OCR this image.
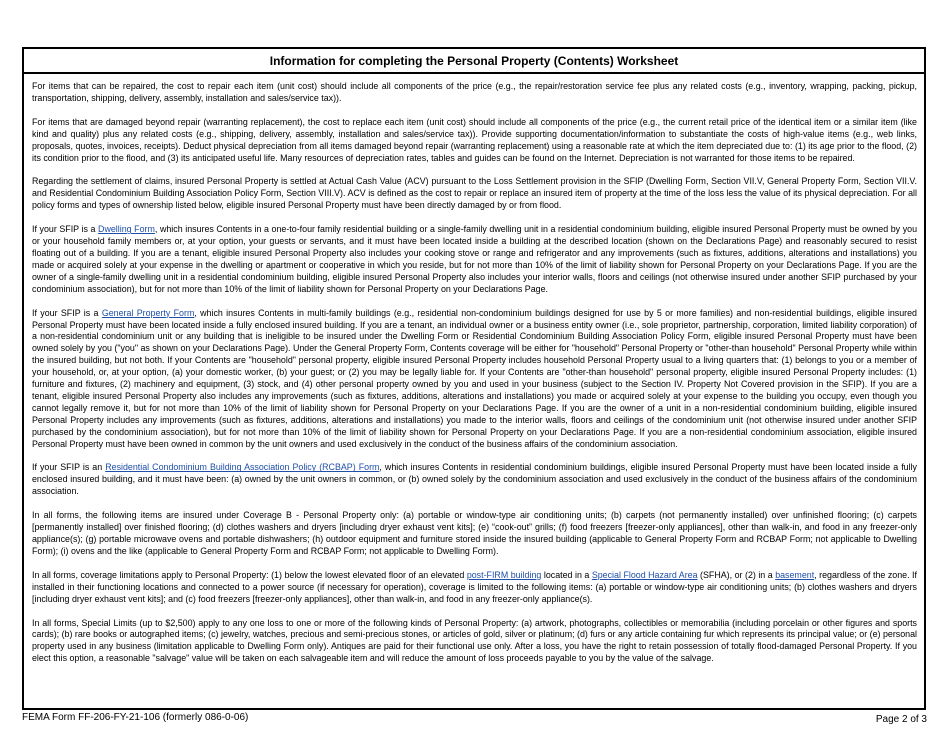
Information for completing the Personal Property (Contents) Worksheet

For items that can be repaired, the cost to repair each item (unit cost) should include all components of the price (e.g., the repair/restoration service fee plus any related costs (e.g., inventory, wrapping, packing, pickup, transportation, shipping, delivery, assembly, installation and sales/service tax)).

For items that are damaged beyond repair (warranting replacement), the cost to replace each item (unit cost) should include all components of the price (e.g., the current retail price of the identical item or a similar item (like kind and quality) plus any related costs (e.g., shipping, delivery, assembly, installation and sales/service tax)). Provide supporting documentation/information to substantiate the costs of high-value items (e.g., web links, proposals, quotes, invoices, receipts). Deduct physical depreciation from all items damaged beyond repair (warranting replacement) using a reasonable rate at which the item depreciated due to: (1) its age prior to the flood, (2) its condition prior to the flood, and (3) its anticipated useful life. Many resources of depreciation rates, tables and guides can be found on the Internet. Depreciation is not warranted for those items to be repaired.

Regarding the settlement of claims, insured Personal Property is settled at Actual Cash Value (ACV) pursuant to the Loss Settlement provision in the SFIP (Dwelling Form, Section VII.V, General Property Form, Section VII.V. and Residential Condominium Building Association Policy Form, Section VIII.V). ACV is defined as the cost to repair or replace an insured item of property at the time of the loss less the value of its physical depreciation. For all policy forms and types of ownership listed below, eligible insured Personal Property must have been directly damaged by or from flood.

If your SFIP is a Dwelling Form, which insures Contents in a one-to-four family residential building or a single-family dwelling unit in a residential condominium building, eligible insured Personal Property must be owned by you or your household family members or, at your option, your guests or servants, and it must have been located inside a building at the described location (shown on the Declarations Page) and reasonably secured to resist floating out of a building. If you are a tenant, eligible insured Personal Property also includes your cooking stove or range and refrigerator and any improvements (such as fixtures, additions, alterations and installations) you made or acquired solely at your expense in the dwelling or apartment or cooperative in which you reside, but for not more than 10% of the limit of liability shown for Personal Property on your Declarations Page. If you are the owner of a single-family dwelling unit in a residential condominium building, eligible insured Personal Property also includes your interior walls, floors and ceilings (not otherwise insured under another SFIP purchased by your condominium association), but for not more than 10% of the limit of liability shown for Personal Property on your Declarations Page.

If your SFIP is a General Property Form, which insures Contents in multi-family buildings (e.g., residential non-condominium buildings designed for use by 5 or more families) and non-residential buildings, eligible insured Personal Property must have been located inside a fully enclosed insured building. If you are a tenant, an individual owner or a business entity owner (i.e., sole proprietor, partnership, corporation, limited liability corporation) of a non-residential condominium unit or any building that is ineligible to be insured under the Dwelling Form or Residential Condominium Building Association Policy Form, eligible insured Personal Property must have been owned solely by you ("you" as shown on your Declarations Page). Under the General Property Form, Contents coverage will be either for "household" Personal Property or "other-than household" Personal Property while within the insured building, but not both. If your Contents are "household" personal property, eligible insured Personal Property includes household Personal Property usual to a living quarters that: (1) belongs to you or a member of your household, or, at your option, (a) your domestic worker, (b) your guest; or (2) you may be legally liable for. If your Contents are "other-than household" personal property, eligible insured Personal Property includes: (1) furniture and fixtures, (2) machinery and equipment, (3) stock, and (4) other personal property owned by you and used in your business (subject to the Section IV. Property Not Covered provision in the SFIP). If you are a tenant, eligible insured Personal Property also includes any improvements (such as fixtures, additions, alterations and installations) you made or acquired solely at your expense to the building you occupy, even though you cannot legally remove it, but for not more than 10% of the limit of liability shown for Personal Property on your Declarations Page. If you are the owner of a unit in a non-residential condominium building, eligible insured Personal Property includes any improvements (such as fixtures, additions, alterations and installations) you made to the interior walls, floors and ceilings of the condominium unit (not otherwise insured under another SFIP purchased by the condominium association), but for not more than 10% of the limit of liability shown for Personal Property on your Declarations Page. If you are a non-residential condominium association, eligible insured Personal Property must have been owned in common by the unit owners and used exclusively in the conduct of the business affairs of the condominium association.

If your SFIP is an Residential Condominium Building Association Policy (RCBAP) Form, which insures Contents in residential condominium buildings, eligible insured Personal Property must have been located inside a fully enclosed insured building, and it must have been: (a) owned by the unit owners in common, or (b) owned solely by the condominium association and used exclusively in the conduct of the business affairs of the condominium association.

In all forms, the following items are insured under Coverage B - Personal Property only: (a) portable or window-type air conditioning units; (b) carpets (not permanently installed) over unfinished flooring; (c) carpets [permanently installed] over finished flooring; (d) clothes washers and dryers [including dryer exhaust vent kits]; (e) “cook-out” grills; (f) food freezers [freezer-only appliances], other than walk-in, and food in any freezer-only appliance(s); (g) portable microwave ovens and portable dishwashers; (h) outdoor equipment and furniture stored inside the insured building (applicable to General Property Form and RCBAP Form; not applicable to Dwelling Form); (i) ovens and the like (applicable to General Property Form and RCBAP Form; not applicable to Dwelling Form).

In all forms, coverage limitations apply to Personal Property: (1) below the lowest elevated floor of an elevated post-FIRM building located in a Special Flood Hazard Area (SFHA), or (2) in a basement, regardless of the zone. If installed in their functioning locations and connected to a power source (if necessary for operation), coverage is limited to the following items: (a) portable or window-type air conditioning units; (b) clothes washers and dryers [including dryer exhaust vent kits]; and (c) food freezers [freezer-only appliances], other than walk-in, and food in any freezer-only appliance(s).

In all forms, Special Limits (up to $2,500) apply to any one loss to one or more of the following kinds of Personal Property: (a) artwork, photographs, collectibles or memorabilia (including porcelain or other figures and sports cards); (b) rare books or autographed items; (c) jewelry, watches, precious and semi-precious stones, or articles of gold, silver or platinum; (d) furs or any article containing fur which represents its principal value; or (e) personal property used in any business (limitation applicable to Dwelling Form only). Antiques are paid for their functional use only. After a loss, you have the right to retain possession of totally flood-damaged Personal Property. If you elect this option, a reasonable "salvage" value will be taken on each salvageable item and will reduce the amount of loss proceeds payable to you by the value of the salvage.

FEMA Form FF-206-FY-21-106 (formerly 086-0-06)	Page 2 of 3
